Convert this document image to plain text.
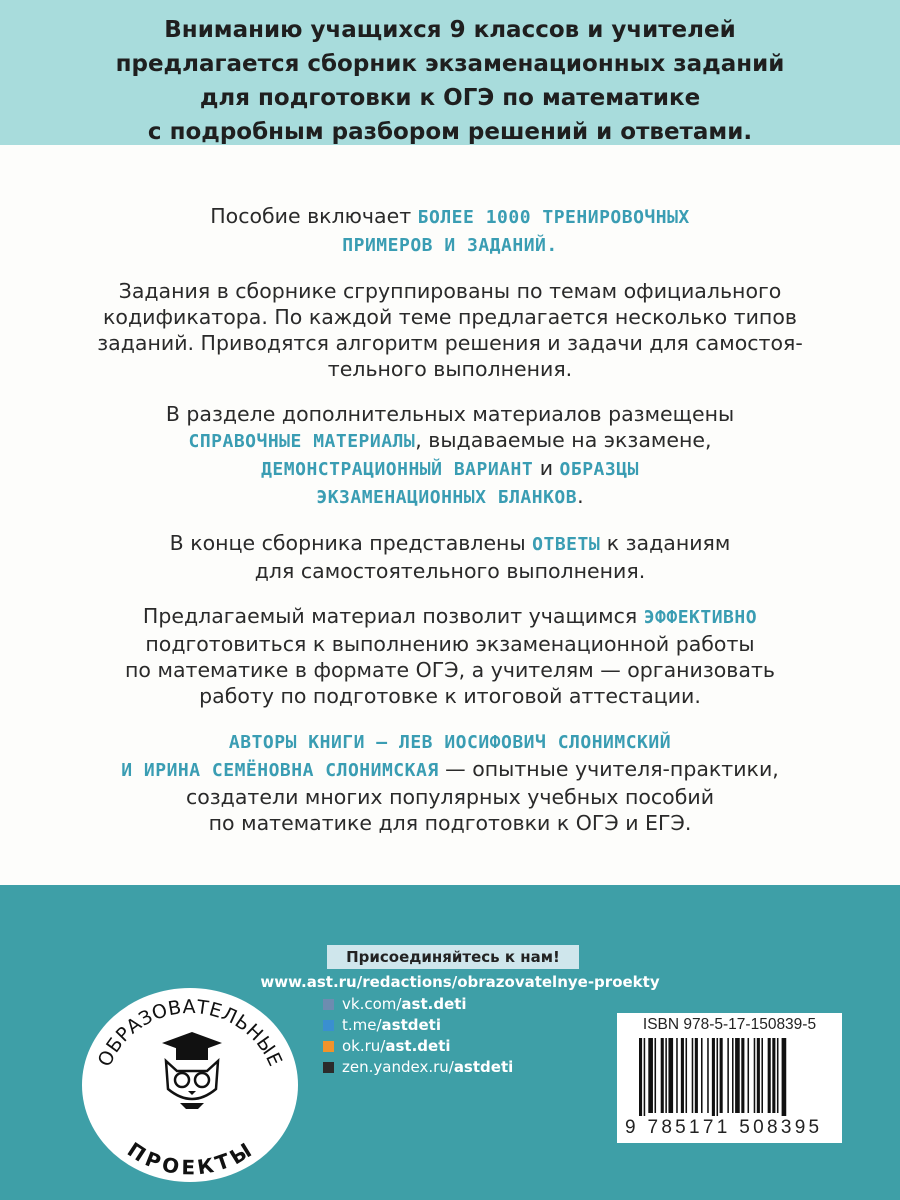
Вниманию учащихся 9 классов и учителей
предлагается сборник экзаменационных заданий
для подготовки к ОГЭ по математике
с подробным разбором решений и ответами.
Пособие включает БОЛЕЕ 1000 ТРЕНИРОВОЧНЫХ
ПРИМЕРОВ И ЗАДАНИЙ.
Задания в сборнике сгруппированы по темам официального
кодификатора. По каждой теме предлагается несколько типов
заданий. Приводятся алгоритм решения и задачи для самостоя-
тельного выполнения.
В разделе дополнительных материалов размещены
СПРАВОЧНЫЕ МАТЕРИАЛЫ, выдаваемые на экзамене,
ДЕМОНСТРАЦИОННЫЙ ВАРИАНТ и ОБРАЗЦЫ
ЭКЗАМЕНАЦИОННЫХ БЛАНКОВ.
В конце сборника представлены ОТВЕТЫ к заданиям
для самостоятельного выполнения.
Предлагаемый материал позволит учащимся ЭФФЕКТИВНО
подготовиться к выполнению экзаменационной работы
по математике в формате ОГЭ, а учителям — организовать
работу по подготовке к итоговой аттестации.
АВТОРЫ КНИГИ — ЛЕВ ИОСИФОВИЧ СЛОНИМСКИЙ
И ИРИНА СЕМЁНОВНА СЛОНИМСКАЯ — опытные учителя-практики,
создатели многих популярных учебных пособий
по математике для подготовки к ОГЭ и ЕГЭ.
Присоединяйтесь к нам!
www.ast.ru/redactions/obrazovatelnye-proekty
vk.com/ast.deti
t.me/astdeti
ok.ru/ast.deti
zen.yandex.ru/astdeti
ISBN 978-5-17-150839-5
9 785171 508395
ОБРАЗОВАТЕЛЬНЫЕ
ПРОЕКТЫ
